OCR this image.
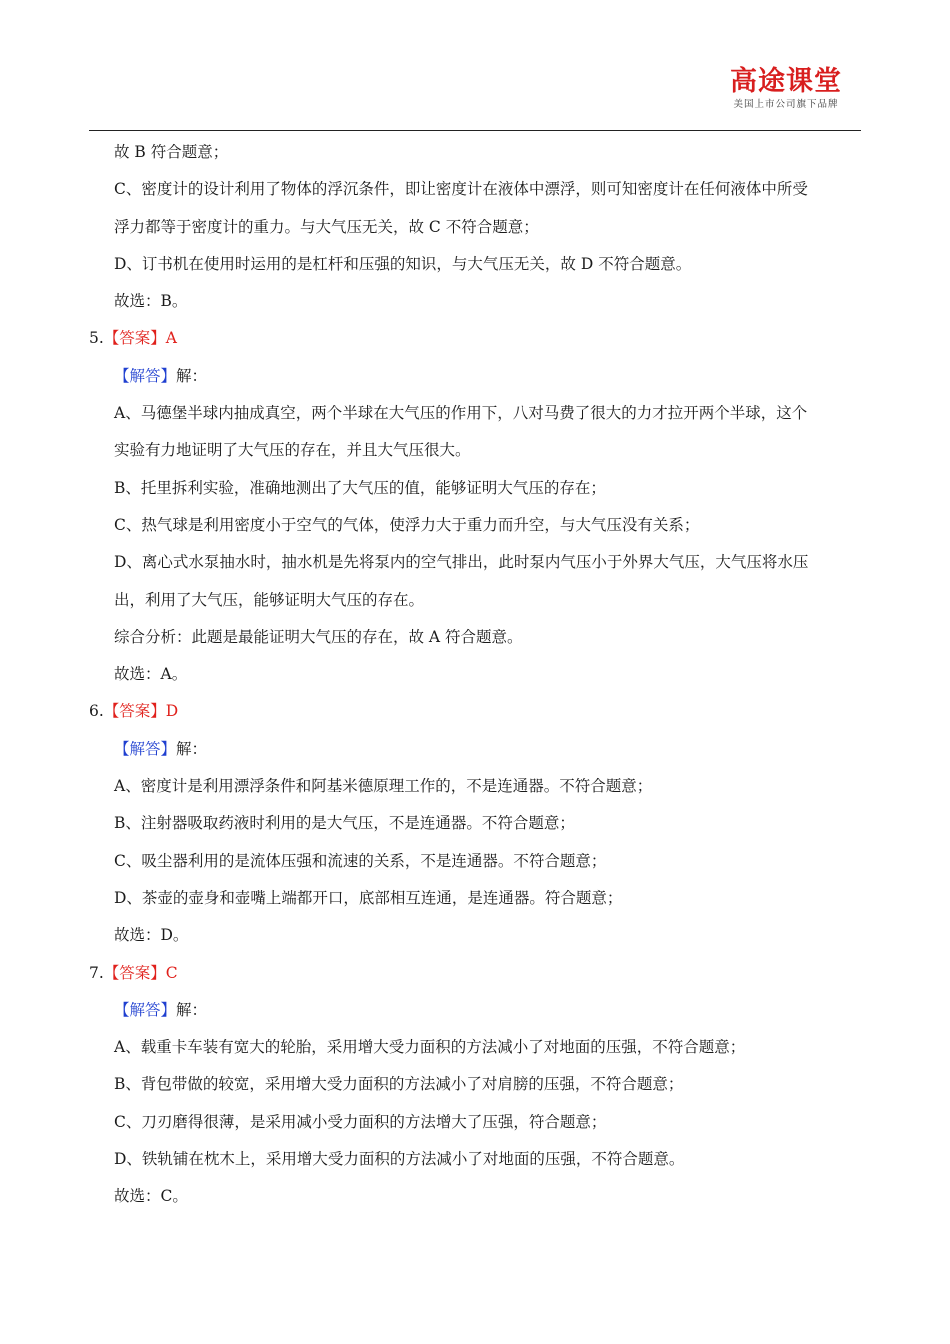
高途课堂
美国上市公司旗下品牌
故 B 符合题意；
C、密度计的设计利用了物体的浮沉条件，即让密度计在液体中漂浮，则可知密度计在任何液体中所受
浮力都等于密度计的重力。与大气压无关，故 C 不符合题意；
D、订书机在使用时运用的是杠杆和压强的知识，与大气压无关，故 D 不符合题意。
故选：B。
5.【答案】A
【解答】解：
A、马德堡半球内抽成真空，两个半球在大气压的作用下，八对马费了很大的力才拉开两个半球，这个
实验有力地证明了大气压的存在，并且大气压很大。
B、托里拆利实验，准确地测出了大气压的值，能够证明大气压的存在；
C、热气球是利用密度小于空气的气体，使浮力大于重力而升空，与大气压没有关系；
D、离心式水泵抽水时，抽水机是先将泵内的空气排出，此时泵内气压小于外界大气压，大气压将水压
出，利用了大气压，能够证明大气压的存在。
综合分析：此题是最能证明大气压的存在，故 A 符合题意。
故选：A。
6.【答案】D
【解答】解：
A、密度计是利用漂浮条件和阿基米德原理工作的，不是连通器。不符合题意；
B、注射器吸取药液时利用的是大气压，不是连通器。不符合题意；
C、吸尘器利用的是流体压强和流速的关系，不是连通器。不符合题意；
D、茶壶的壶身和壶嘴上端都开口，底部相互连通，是连通器。符合题意；
故选：D。
7.【答案】C
【解答】解：
A、载重卡车装有宽大的轮胎，采用增大受力面积的方法减小了对地面的压强，不符合题意；
B、背包带做的较宽，采用增大受力面积的方法减小了对肩膀的压强，不符合题意；
C、刀刃磨得很薄，是采用减小受力面积的方法增大了压强，符合题意；
D、铁轨铺在枕木上，采用增大受力面积的方法减小了对地面的压强，不符合题意。
故选：C。
